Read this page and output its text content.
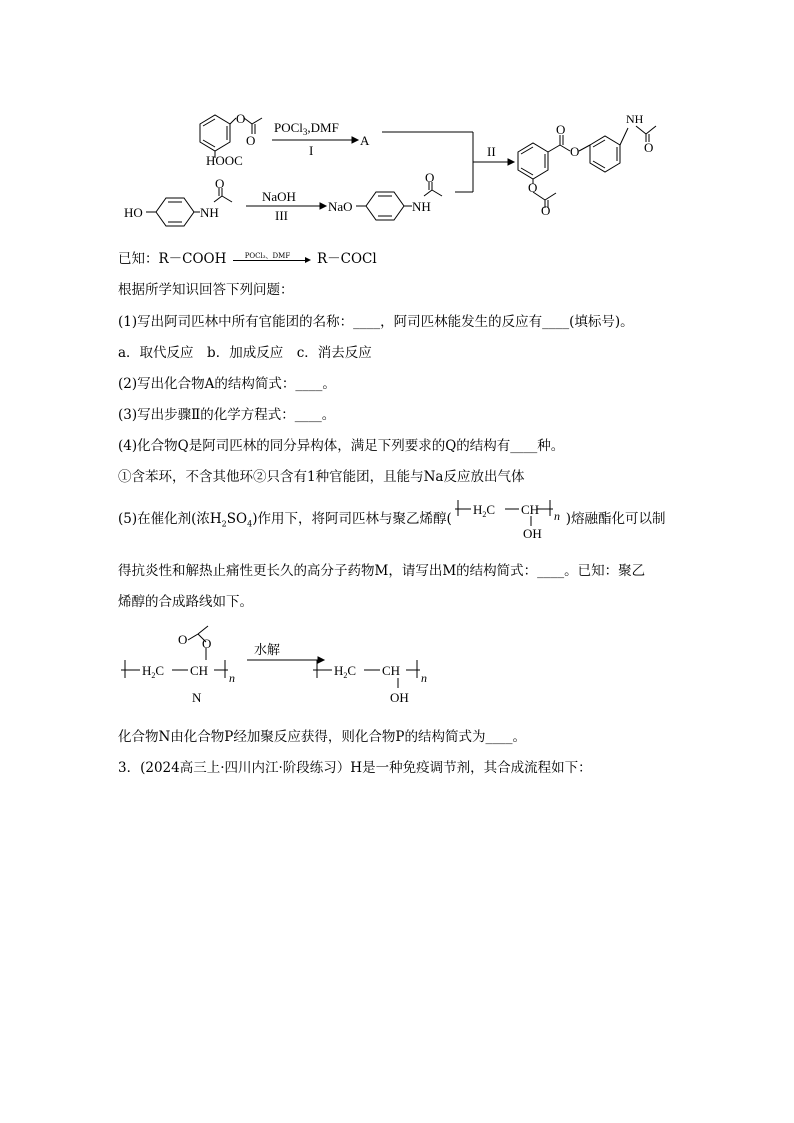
O
O
HOOC
POCl$_3$,DMF
I
A
II
O
O
NH
O
O
O
HO	NH
O
NaOH
III
NaO	NH
O
已知：R－COOH	POCl₃、DMF R－COCl
根据所学知识回答下列问题：
(1)写出阿司匹林中所有官能团的名称：____，阿司匹林能发生的反应有____(填标号)。
a．取代反应　b．加成反应　c．消去反应
(2)写出化合物A的结构简式：____。
(3)写出步骤Ⅱ的化学方程式：____。
(4)化合物Q是阿司匹林的同分异构体，满足下列要求的Q的结构有____种。
①含苯环，不含其他环②只含有1种官能团，且能与Na反应放出气体
(5)在催化剂(浓$H_2SO_4$)作用下，将阿司匹林与聚乙烯醇(	)熔融酯化可以制
$H_2C$ CH
OH
n
得抗炎性和解热止痛性更长久的高分子药物M，请写出M的结构简式：____。已知：聚乙
烯醇的合成路线如下。
O O
$H_2C$ CH n
N
水解
$H_2C$ CH
OH
n
化合物N由化合物P经加聚反应获得，则化合物P的结构简式为____。
3．(2024高三上·四川内江·阶段练习）H是一种免疫调节剂，其合成流程如下：
